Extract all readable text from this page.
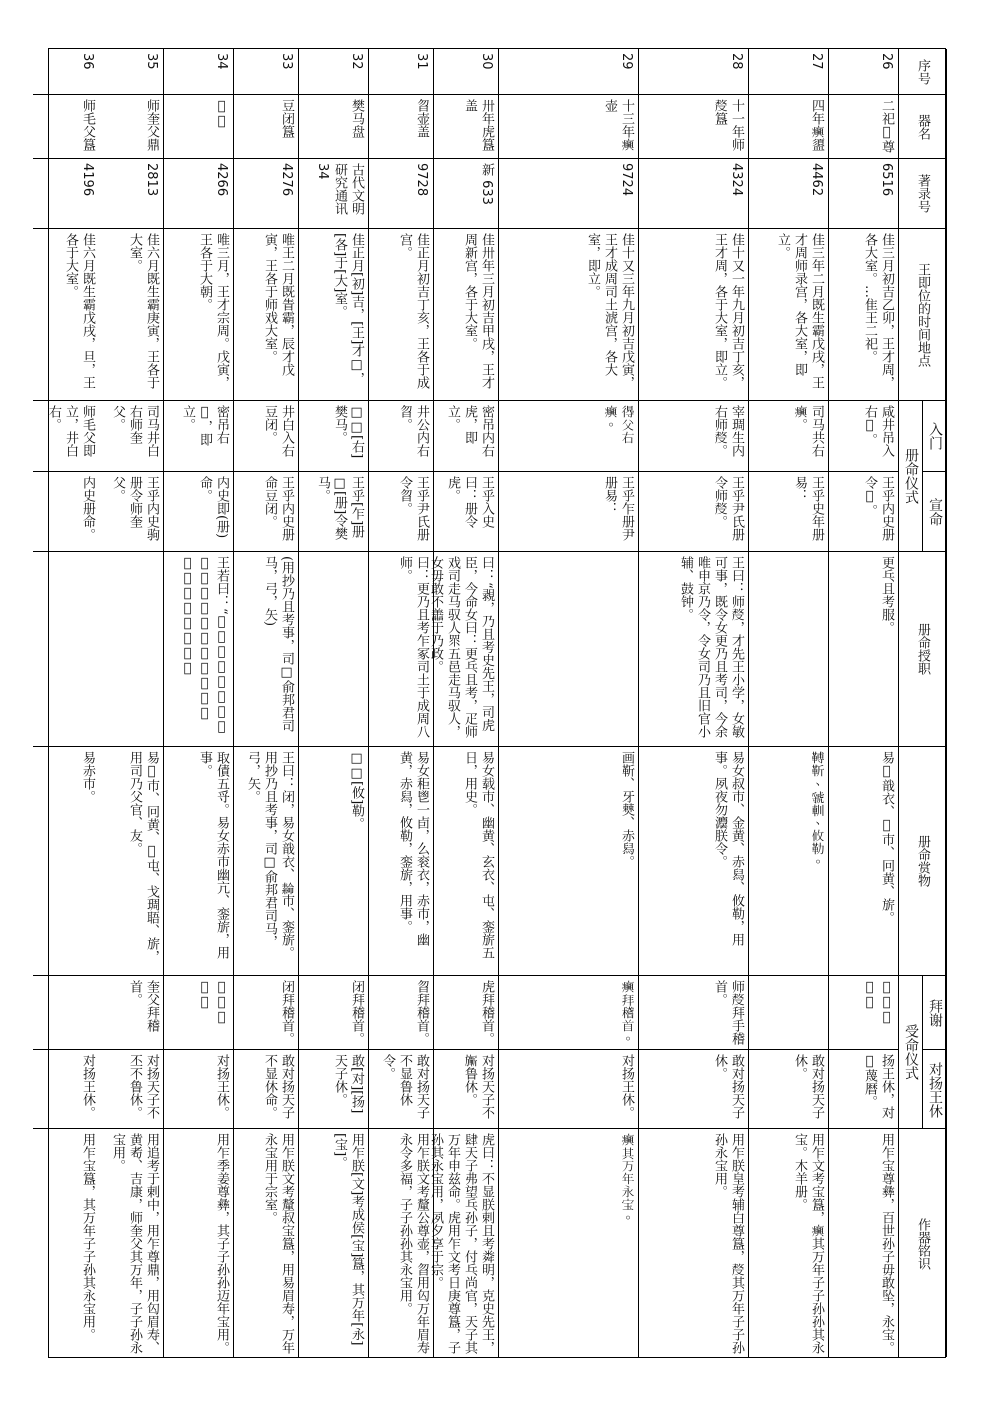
序号
器名
著录号
王即位的时间地点
册命授职
册命赏物
作器铭识
册命仪式
入门
宣命
受命仪式
拜谢
对扬王休
26
二祀𨱆尊
6516
佳三月初吉乙卯，王才周，各大室。…隹王二祀。
咸井吊入右𨱆。
王乎内史册令𨱆。
更乓且考服。
易𨱆戠衣、𥿘巿、冋黄、旂。
𨱆拜稽首。
扬王休，对𨱆蔑暦。
用乍宝尊彝，百世孙子毋敢坠，永宝。
27
四年𤼈盨
4462
佳三年二月既生霸戊戌，王才周师录宫，各大室，即立。
司马共右𤼈。
王乎史年册易：
𩌏靳、虢䡅、攸勒。
敢对扬天子休。
用乍文考宝簋，𤼈其万年子子孙孙其永宝。木羊册。
28
十一年师𠭰簋
4324
佳十又一年九月初吉丁亥，王才周，各于大室，即立。
宰琱生内右师𠭰。
王乎尹氏册令师𠭰。
王曰：师𠭰，才先王小学，女敏可事，既令女更乃且考司，今余唯申京乃令，令女司乃且旧官小辅、鼓钟。
易女叔巿、金黄、赤舄、攸勒，用事。夙夜勿灋朕令。
师𠭰拜手稽首。
敢对扬天子休。
用乍朕皇考辅白尊簋，𠭰其万年子子孙孙永宝用。
29
十三年𤼈壶
9724
佳十又三年九月初吉戊寅，王才成周司土淲宫，各大室，即立。
𢔶父右𤼈。
王乎乍册尹册易：
画靳、牙僰、赤舄。
𤼈拜稽首。
对扬王休。
𤼈其万年永宝。
30
卅年虎簋盖
新 633
佳卅年三月初吉甲戌，王才周新宫，各于大室。
密吊内右虎，即立。
王乎入史曰：册令虎。
曰：“䚄，乃且考史先王，司虎臣，今命女曰：更乓且考，疋师戏司走马驭人眔五邑走马驭人，女毋敢不譱于乃政。
易女载巿、幽黄、玄衣、屯、銮旂五日，用史。
虎拜稽首。
对扬天子不𣄨鲁休。
虎曰：不显朕剌且考粦明，克史先王，肆天子弗望乓孙子，付乓尚官，天子其万年申兹命。虎用乍文考日庚尊簋，子孙其永宝用，夙夕享于宗。
31
㫚壶盖
9728
佳正月初吉丁亥，王各于成宫。
井公内右㫚。
王乎尹氏册令㫚。
曰：更乃且考乍冢司土于成周八师。
易女秬鬯一卣，么衮衣，赤巿，幽黄，赤舄，攸勒，銮旂，用事。
㫚拜稽首。
敢对扬天子不显鲁休令。
用乍朕文考釐公尊壶，㫚用匃万年眉寿永令多福，子子孙孙其永宝用。
32
樊马盘
古代文明研究通讯 34
佳正月[初]吉，[王]才□，[各]于[大]室。
□□[右]樊马。
王乎[乍]册□[册]令樊马。
□□[攸]勒。
闭拜稽首。
敢[对][扬]天子休。
用乍朕[文]考成侯[宝]簋，其万年[永][宝]。
33
豆闭簋
4276
唯王二月既眚霸，辰才戊寅，王各于师戏大室。
井白入右豆闭。
王乎内史册命豆闭。
(用抄乃且考事，司□俞邦君司马，弓，矢)
王曰：闭，易女戠衣、𦅫巿、銮旂。用抄乃且考事，司□俞邦君司马，弓，矢。
闭拜稽首。
敢对扬天子不显休命。
用乍朕文考釐叔宝簋，用易眉寿，万年永宝用于宗室。
34
𨱆簋
4266
唯三月，王才宗周。戊寅，王各于大朝。
密吊右𨱆，即立。
内史即(册)命。
王若曰：“𨱆，命女乍豳师冢司马，啻官仆、射、士、讯，小大又，𨬝。
取債五寽。易女赤巿幽亢、銮旂，用事。
𨱆拜稽首。
对扬王休。
用乍季姜尊彝，其子子孙孙迈年宝用。
35
师奎父鼎
2813
佳六月既生霸庚寅，王各于大室。
司马井白右师奎父。
王乎内史驹册令师奎父。
易𥿘巿、冋黄、𤆍屯、戈琱䎸、旂，用司乃父官、友。
奎父拜稽首。
对扬天子不丕不鲁休。
用追考于剌中，用乍尊鼎，用匃眉寿、黄耇、吉康，师奎父其万年，子子孙永宝用。
36
师毛父簋
4196
佳六月既生霸戊戌，旦，王各于大室。
师毛父即立，井白右。
内史册命。
易赤巿。
对扬王休。
用乍宝簋，其万年子子孙其永宝用。
